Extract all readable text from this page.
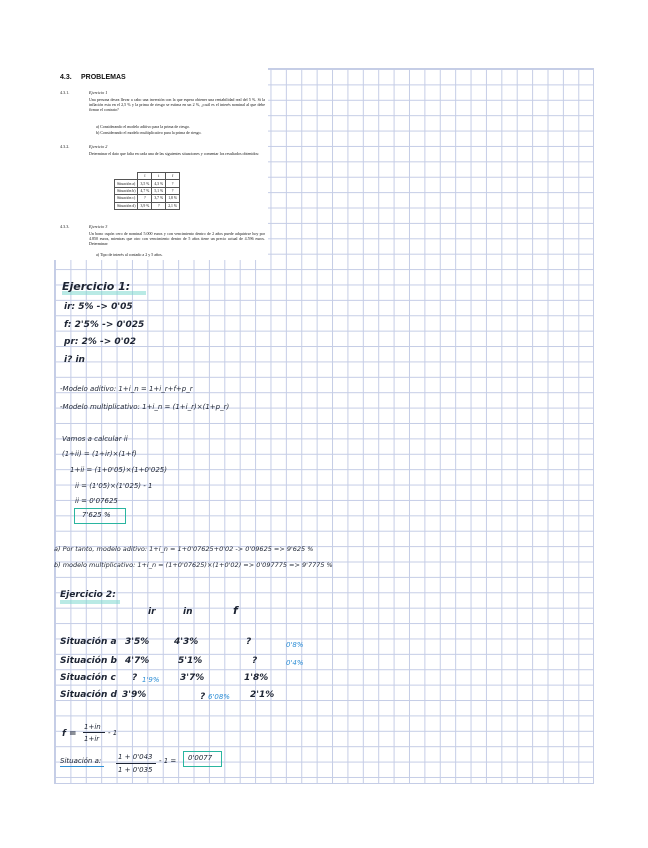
4.3. PROBLEMAS
4.3.1.	Ejercicio 1
Una persona desea llevar a cabo una inversión con la que espera obtener una rentabilidad real del 5 %. Si la inflación esta en el 2,5 % y la prima de riesgo se estima en un 2 %, ¿cuál es el interés nominal al que debe firmar el contrato?
a) Considerando el modelo aditivo para la prima de riesgo.
b) Considerando el modelo multiplicativo para la prima de riesgo.
4.3.2.	Ejercicio 2
Determinar el dato que falta en cada una de las siguientes situaciones y comentar los resultados obtenidos:
	ī	i	f
Situación a)	3,5 %	4,3 %	?
Situación b)	4,7 %	5,1 %	?
Situación c)	?	3,7 %	1,8 %
Situación d)	3,9 %	?	2,1 %
4.3.3.	Ejercicio 3
Un bono cupón cero de nominal 5.000 euros y con vencimiento dentro de 2 años puede adquirirse hoy por 4.850 euros, mientras que otro con vencimiento dentro de 5 años tiene un precio actual de 4.596 euros. Determinar:
a) Tipo de interés al contado a 2 y 5 años.
Ejercicio 1:
ir: 5% -> 0'05
f: 2'5% -> 0'025
pr: 2% -> 0'02
i? in
-Modelo aditivo: 1+i_n = 1+i_r+f+p_r
-Modelo multiplicativo: 1+i_n = (1+i_r)×(1+p_r)
Vamos a calcular ii
(1+ii) = (1+ir)×(1+f)
1+ii = (1+0'05)×(1+0'025)
ii = (1'05)×(1'025) - 1
ii = 0'07625
7'625 %
a) Por tanto, modelo aditivo: 1+i_n = 1+0'07625+0'02 -> 0'09625 => 9'625 %
b) modelo multiplicativo: 1+i_n = (1+0'07625)×(1+0'02) => 0'097775 => 9'7775 %
Ejercicio 2:
ir	in	f
Situación a 3'5%	4'3%	?	0'8%
Situación b 4'7%	5'1%	?	0'4%
Situación c ? 1'9% 3'7%	1'8%
Situación d 3'9%	? 6'08% 2'1%
f =
1+in
1+ir
- 1
Situación a: 1 + 0'043
1 + 0'035
- 1 = 0'0077
